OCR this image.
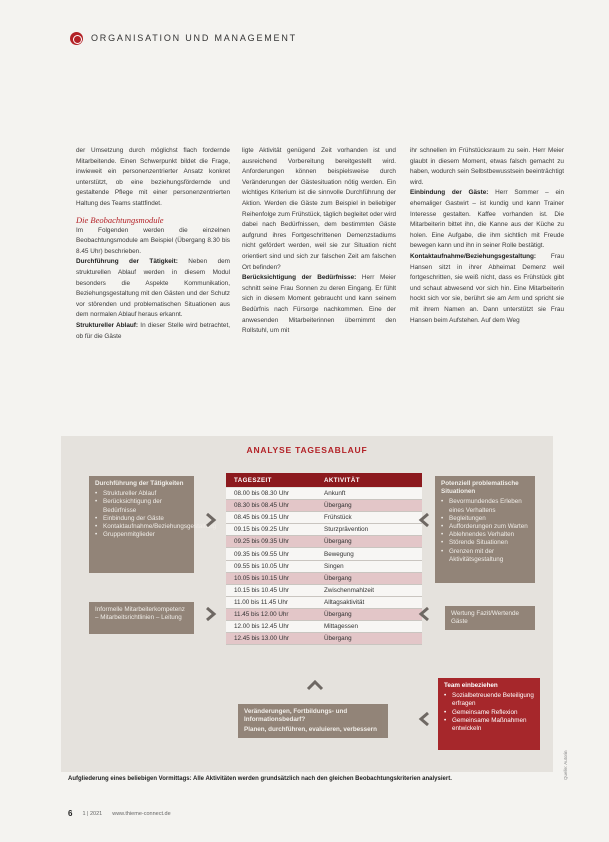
ORGANISATION UND MANAGEMENT

der Umsetzung durch möglichst flach fordernde Mitarbeitende. Einen Schwerpunkt bildet die Frage, inwieweit ein personenzentrierter Ansatz konkret unterstützt, ob eine beziehungsfördernde und gestaltende Pflege mit einer personenzentrierten Haltung des Teams stattfindet.

Die Beobachtungsmodule

Im Folgenden werden die einzelnen Beobachtungsmodule am Beispiel (Übergang 8.30 bis 8.45 Uhr) beschrieben.

Durchführung der Tätigkeit: Neben dem strukturellen Ablauf werden in diesem Modul besonders die Aspekte Kommunikation, Beziehungsgestaltung mit den Gästen und der Schutz vor störenden und problematischen Situationen aus dem normalen Ablauf heraus erkannt.

Struktureller Ablauf: In dieser Stelle wird betrachtet, ob für die Gäste

ligte Aktivität genügend Zeit vorhanden ist und ausreichend Vorbereitung bereitgestellt wird. Anforderungen können beispielsweise durch Veränderungen der Gästesituation nötig werden. Ein wichtiges Kriterium ist die sinnvolle Durchführung der Aktion. Werden die Gäste zum Beispiel in beliebiger Reihenfolge zum Frühstück, täglich begleitet oder wird dabei nach Bedürfnissen, dem bestimmten Gäste aufgrund ihres Fortgeschrittenen Demenzstadiums nicht gefördert werden, weil sie zur Situation nicht orientiert sind und sich zur falschen Zeit am falschen Ort befinden?

Berücksichtigung der Bedürfnisse: Herr Meier schnitt seine Frau Sonnen zu deren Eingang. Er fühlt sich in diesem Moment gebraucht und kann seinem Bedürfnis nach Fürsorge nachkommen. Eine der anwesenden Mitarbeiterinnen übernimmt den Rollstuhl, um mit

ihr schnellen im Frühstücksraum zu sein. Herr Meier glaubt in diesem Moment, etwas falsch gemacht zu haben, wodurch sein Selbstbewusstsein beeinträchtigt wird.

Einbindung der Gäste: Herr Sommer – ein ehemaliger Gastwirt – ist kundig und kann Trainer Interesse gestalten. Kaffee vorhanden ist. Die Mitarbeiterin bittet ihn, die Kanne aus der Küche zu holen. Eine Aufgabe, die ihm sichtlich mit Freude bewegen kann und ihn in seiner Rolle bestätigt.

Kontaktaufnahme/Beziehungsgestaltung: Frau Hansen sitzt in ihrer Abheimat Demenz weil fortgeschritten, sie weiß nicht, dass es Frühstück gibt und schaut abwesend vor sich hin. Eine Mitarbeiterin hockt sich vor sie, berührt sie am Arm und spricht sie mit ihrem Namen an. Dann unterstützt sie Frau Hansen beim Aufstehen. Auf dem Weg

ANALYSE TAGESABLAUF
TAGESZEIT	AKTIVITÄT
08.00 bis 08.30 Uhr	Ankunft
08.30 bis 08.45 Uhr	Übergang
08.45 bis 09.15 Uhr	Frühstück
09.15 bis 09.25 Uhr	Sturzprävention
09.25 bis 09.35 Uhr	Übergang
09.35 bis 09.55 Uhr	Bewegung
09.55 bis 10.05 Uhr	Singen
10.05 bis 10.15 Uhr	Übergang
10.15 bis 10.45 Uhr	Zwischenmahlzeit
11.00 bis 11.45 Uhr	Alltagsaktivität
11.45 bis 12.00 Uhr	Übergang
12.00 bis 12.45 Uhr	Mittagessen
12.45 bis 13.00 Uhr	Übergang
Durchführung der Tätigkeiten
• Struktureller Ablauf
• Berücksichtigung der Bedürfnisse
• Einbindung der Gäste
• Kontaktaufnahme/Beziehungsgestaltung
• Gruppenmitglieder
Informelle Mitarbeiterkompetenz – Mitarbeitsrichtlinien – Leitung
Potenziell problematische Situationen
• Bevormundendes Erleben eines Verhaltens
• Begleitungen
• Aufforderungen zum Warten
• Ablehnendes Verhalten
• Störende Situationen
• Grenzen mit der Aktivitätsgestaltung
Wertung Fazit/Wertende Gäste
Veränderungen, Fortbildungs- und Informationsbedarf?
Planen, durchführen, evaluieren, verbessern
Team einbeziehen
• Sozialbetreuende Beteiligung erfragen
• Gemeinsame Reflexion
• Gemeinsame Maßnahmen entwickeln
Quelle: Autorin
Aufgliederung eines beliebigen Vormittags: Alle Aktivitäten werden grundsätzlich nach den gleichen Beobachtungskriterien analysiert.
6 1 | 2021 www.thieme-connect.de
